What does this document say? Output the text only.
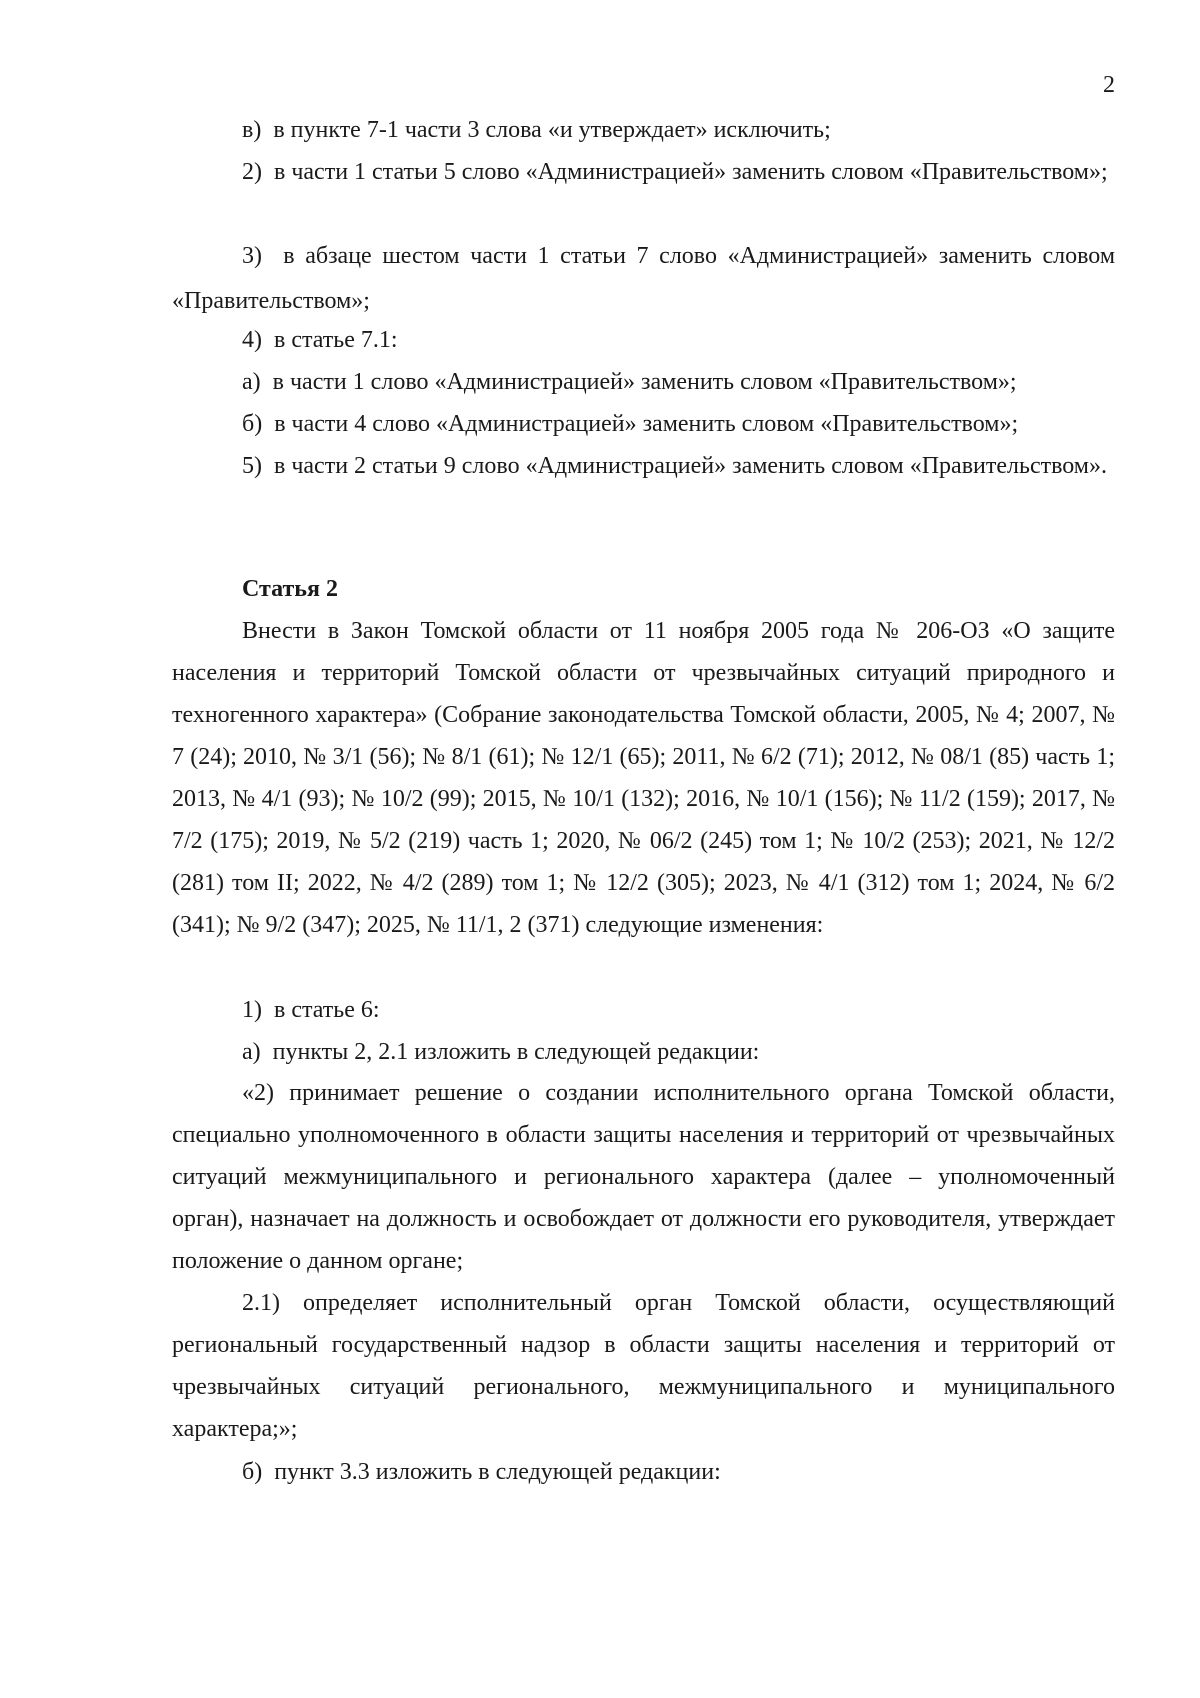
2

в)  в пункте 7-1 части 3 слова «и утверждает» исключить;

2)  в части 1 статьи 5 слово «Администрацией» заменить словом «Правительством»;

3)  в абзаце шестом части 1 статьи 7 слово «Администрацией» заменить словом «Правительством»;

4)  в статье 7.1:

а)  в части 1 слово «Администрацией» заменить словом «Правительством»;

б)  в части 4 слово «Администрацией» заменить словом «Правительством»;

5)  в части 2 статьи 9 слово «Администрацией» заменить словом «Правительством».

Статья 2

Внести в Закон Томской области от 11 ноября 2005 года № 206-ОЗ «О защите населения и территорий Томской области от чрезвычайных ситуаций природного и техногенного характера» (Собрание законодательства Томской области, 2005, № 4; 2007, № 7 (24); 2010, № 3/1 (56); № 8/1 (61); № 12/1 (65); 2011, № 6/2 (71); 2012, № 08/1 (85) часть 1; 2013, № 4/1 (93); № 10/2 (99); 2015, № 10/1 (132); 2016, № 10/1 (156); № 11/2 (159); 2017, № 7/2 (175); 2019, № 5/2 (219) часть 1; 2020, № 06/2 (245) том 1; № 10/2 (253); 2021, № 12/2 (281) том II; 2022, № 4/2 (289) том 1; № 12/2 (305); 2023, № 4/1 (312) том 1; 2024, № 6/2 (341); № 9/2 (347); 2025, № 11/1, 2 (371) следующие изменения:

1)  в статье 6:

а)  пункты 2, 2.1 изложить в следующей редакции:

«2) принимает решение о создании исполнительного органа Томской области, специально уполномоченного в области защиты населения и территорий от чрезвычайных ситуаций межмуниципального и регионального характера (далее – уполномоченный орган), назначает на должность и освобождает от должности его руководителя, утверждает положение о данном органе;

2.1) определяет исполнительный орган Томской области, осуществляющий региональный государственный надзор в области защиты населения и территорий от чрезвычайных ситуаций регионального, межмуниципального и муниципального характера;»;

б)  пункт 3.3 изложить в следующей редакции:
